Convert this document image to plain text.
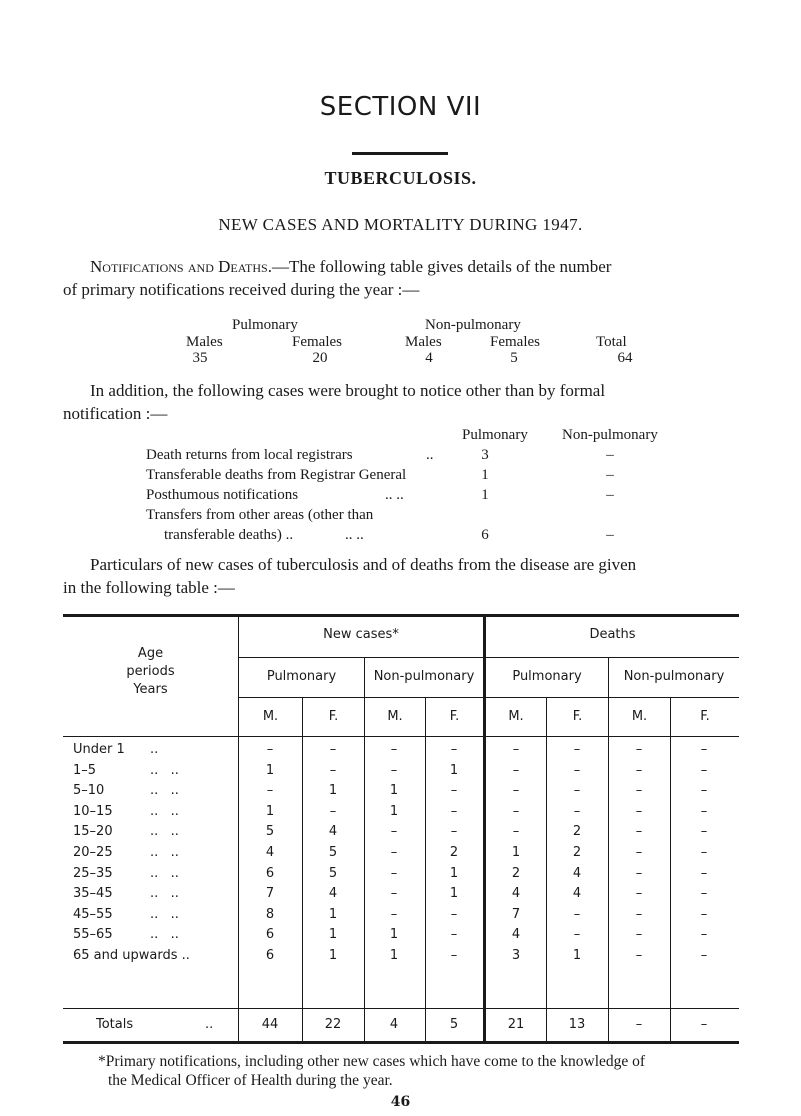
SECTION VII
TUBERCULOSIS.
NEW CASES AND MORTALITY DURING 1947.
Notifications and Deaths.—The following table gives details of the number
of primary notifications received during the year :—
Pulmonary	Non-pulmonary
Males	Females	Males	Females	Total
35	20	4	5	64
In addition, the following cases were brought to notice other than by formal
notification :—
Pulmonary Non-pulmonary
Death returns from local registrars	..	3	–
Transferable deaths from Registrar General	1	–
Posthumous notifications	.. ..	1	–
Transfers from other areas (other than
transferable deaths) ..	.. ..	6	–
Particulars of new cases of tuberculosis and of deaths from the disease are given
in the following table :—
Age
periods
Years
New cases*	Deaths
Pulmonary	Non-pulmonary	Pulmonary	Non-pulmonary
M.	F.	M.	F.	M.	F.	M.	F.
Under 1 ..	–	–	–	–	–	–	–	–
1–5	..   ..	1	–	–	1	–	–	–	–
5–10	..   ..	–	1	1	–	–	–	–	–
10–15	..   ..	1	–	1	–	–	–	–	–
15–20	..   ..	5	4	–	–	–	2	–	–
20–25	..   ..	4	5	–	2	1	2	–	–
25–35	..   ..	6	5	–	1	2	4	–	–
35–45	..   ..	7	4	–	1	4	4	–	–
45–55	..   ..	8	1	–	–	7	–	–	–
55–65	..   ..	6	1	1	–	4	–	–	–
65 and upwards ..	6	1	1	–	3	1	–	–
Totals	..	44	22	4	5	21	13	–	–
*Primary notifications, including other new cases which have come to the knowledge of
the Medical Officer of Health during the year.
46
